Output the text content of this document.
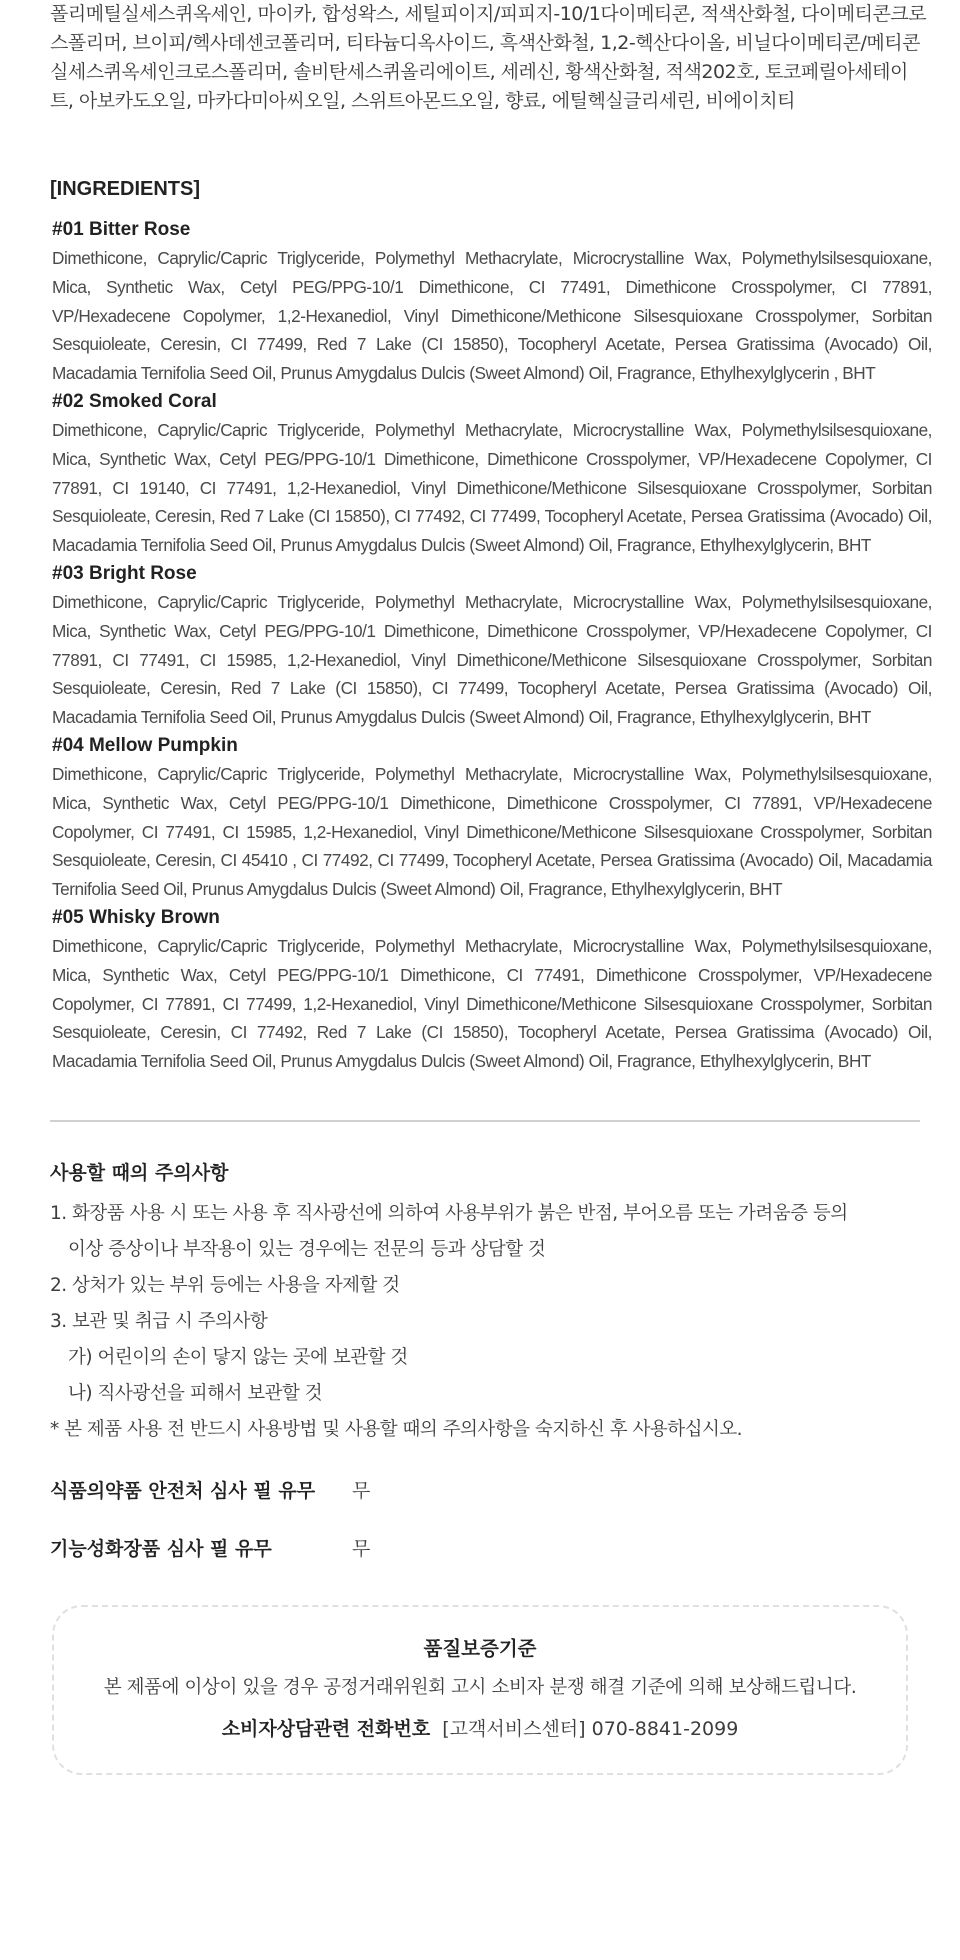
폴리메틸실세스퀴옥세인, 마이카, 합성왁스, 세틸피이지/피피지-10/1다이메티콘, 적색산화철, 다이메티콘크로스폴리머, 브이피/헥사데센코폴리머, 티타늄디옥사이드, 흑색산화철, 1,2-헥산다이올, 비닐다이메티콘/메티콘실세스퀴옥세인크로스폴리머, 솔비탄세스퀴올리에이트, 세레신, 황색산화철, 적색202호, 토코페릴아세테이트, 아보카도오일, 마카다미아씨오일, 스위트아몬드오일, 향료, 에틸헥실글리세린, 비에이치티
[INGREDIENTS]
#01 Bitter Rose

Dimethicone, Caprylic/Capric Triglyceride, Polymethyl Methacrylate, Microcrystalline Wax, Polymethylsilsesquioxane, Mica, Synthetic Wax, Cetyl PEG/PPG-10/1 Dimethicone, CI 77491, Dimethicone Crosspolymer, CI 77891, VP/Hexadecene Copolymer, 1,2-Hexanediol, Vinyl Dimethicone/Methicone Silsesquioxane Crosspolymer, Sorbitan Sesquioleate, Ceresin, CI 77499, Red 7 Lake (CI 15850), Tocopheryl Acetate, Persea Gratissima (Avocado) Oil, Macadamia Ternifolia Seed Oil, Prunus Amygdalus Dulcis (Sweet Almond) Oil, Fragrance, Ethylhexylglycerin , BHT

#02 Smoked Coral

Dimethicone, Caprylic/Capric Triglyceride, Polymethyl Methacrylate, Microcrystalline Wax, Polymethylsilsesquioxane, Mica, Synthetic Wax, Cetyl PEG/PPG-10/1 Dimethicone, Dimethicone Crosspolymer, VP/Hexadecene Copolymer, CI 77891, CI 19140, CI 77491, 1,2-Hexanediol, Vinyl Dimethicone/Methicone Silsesquioxane Crosspolymer, Sorbitan Sesquioleate, Ceresin, Red 7 Lake (CI 15850), CI 77492, CI 77499, Tocopheryl Acetate, Persea Gratissima (Avocado) Oil, Macadamia Ternifolia Seed Oil, Prunus Amygdalus Dulcis (Sweet Almond) Oil, Fragrance, Ethylhexylglycerin, BHT

#03 Bright Rose

Dimethicone, Caprylic/Capric Triglyceride, Polymethyl Methacrylate, Microcrystalline Wax, Polymethylsilsesquioxane, Mica, Synthetic Wax, Cetyl PEG/PPG-10/1 Dimethicone, Dimethicone Crosspolymer, VP/Hexadecene Copolymer, CI 77891, CI 77491, CI 15985, 1,2-Hexanediol, Vinyl Dimethicone/Methicone Silsesquioxane Crosspolymer, Sorbitan Sesquioleate, Ceresin, Red 7 Lake (CI 15850), CI 77499, Tocopheryl Acetate, Persea Gratissima (Avocado) Oil, Macadamia Ternifolia Seed Oil, Prunus Amygdalus Dulcis (Sweet Almond) Oil, Fragrance, Ethylhexylglycerin, BHT

#04 Mellow Pumpkin

Dimethicone, Caprylic/Capric Triglyceride, Polymethyl Methacrylate, Microcrystalline Wax, Polymethylsilsesquioxane, Mica, Synthetic Wax, Cetyl PEG/PPG-10/1 Dimethicone, Dimethicone Crosspolymer, CI 77891, VP/Hexadecene Copolymer, CI 77491, CI 15985, 1,2-Hexanediol, Vinyl Dimethicone/Methicone Silsesquioxane Crosspolymer, Sorbitan Sesquioleate, Ceresin, CI 45410 , CI 77492, CI 77499, Tocopheryl Acetate, Persea Gratissima (Avocado) Oil, Macadamia Ternifolia Seed Oil, Prunus Amygdalus Dulcis (Sweet Almond) Oil, Fragrance, Ethylhexylglycerin, BHT

#05 Whisky Brown

Dimethicone, Caprylic/Capric Triglyceride, Polymethyl Methacrylate, Microcrystalline Wax, Polymethylsilsesquioxane, Mica, Synthetic Wax, Cetyl PEG/PPG-10/1 Dimethicone, CI 77491, Dimethicone Crosspolymer, VP/Hexadecene Copolymer, CI 77891, CI 77499, 1,2-Hexanediol, Vinyl Dimethicone/Methicone Silsesquioxane Crosspolymer, Sorbitan Sesquioleate, Ceresin, CI 77492, Red 7 Lake (CI 15850), Tocopheryl Acetate, Persea Gratissima (Avocado) Oil, Macadamia Ternifolia Seed Oil, Prunus Amygdalus Dulcis (Sweet Almond) Oil, Fragrance, Ethylhexylglycerin, BHT

사용할 때의 주의사항
1. 화장품 사용 시 또는 사용 후 직사광선에 의하여 사용부위가 붉은 반점, 부어오름 또는 가려움증 등의
이상 증상이나 부작용이 있는 경우에는 전문의 등과 상담할 것
2. 상처가 있는 부위 등에는 사용을 자제할 것
3. 보관 및 취급 시 주의사항
가) 어린이의 손이 닿지 않는 곳에 보관할 것
나) 직사광선을 피해서 보관할 것
* 본 제품 사용 전 반드시 사용방법 및 사용할 때의 주의사항을 숙지하신 후 사용하십시오.
식품의약품 안전처 심사 필 유무 무
기능성화장품 심사 필 유무	무
품질보증기준
본 제품에 이상이 있을 경우 공정거래위원회 고시 소비자 분쟁 해결 기준에 의해 보상해드립니다.
소비자상담관련 전화번호 [고객서비스센터] 070-8841-2099
